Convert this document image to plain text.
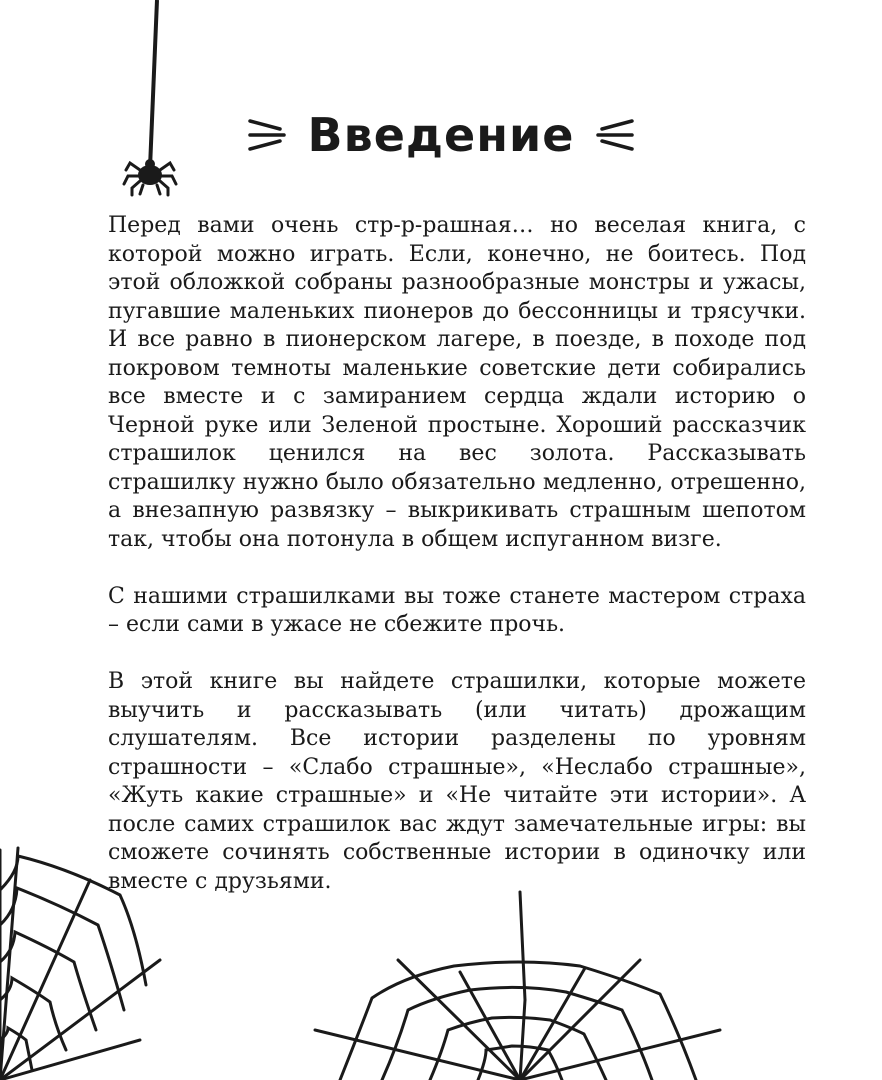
Введение

Перед вами очень стр-р-рашная… но веселая книга, с которой можно играть. Если, конечно, не боитесь. Под этой обложкой собраны разнообразные монстры и ужасы, пугавшие маленьких пионеров до бессонницы и трясучки. И все равно в пионерском лагере, в поезде, в походе под покровом темноты маленькие советские дети собирались все вместе и с замиранием сердца ждали историю о Черной руке или Зеленой простыне. Хороший рассказчик страшилок ценился на вес золота. Рассказывать страшилку нужно было обязательно медленно, отрешенно, а внезапную развязку – выкрикивать страшным шепотом так, чтобы она потонула в общем испуганном визге.

С нашими страшилками вы тоже станете мастером страха – если сами в ужасе не сбежите прочь.

В этой книге вы найдете страшилки, которые можете выучить и рассказывать (или читать) дрожащим слушателям. Все истории разделены по уровням страшности – «Слабо страшные», «Неслабо страшные», «Жуть какие страшные» и «Не читайте эти истории». А после самих страшилок вас ждут замечательные игры: вы сможете сочинять собственные истории в одиночку или вместе с друзьями.
